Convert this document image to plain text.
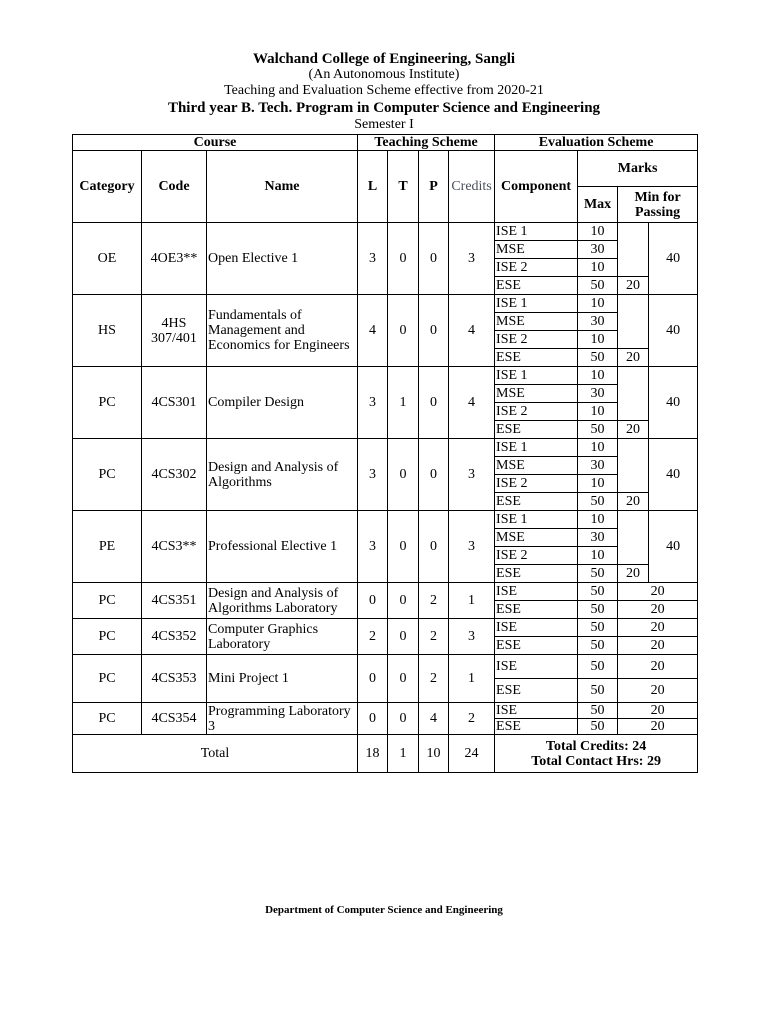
Walchand College of Engineering, Sangli
(An Autonomous Institute)
Teaching and Evaluation Scheme effective from 2020-21
Third year B. Tech. Program in Computer Science and Engineering
Semester I
Course			Teaching Scheme				Evaluation Scheme			
Category	Code	Name	L	T	P	Credits	Component	Marks		
								Max	Min for Passing	
OE	4OE3**	Open Elective 1	3	0	0	3	ISE 1	10		40
							MSE	30		
							ISE 2	10		
							ESE	50	20	
HS	4HS 307/401	Fundamentals of Management and Economics for Engineers	4	0	0	4	ISE 1	10		40
							MSE	30		
							ISE 2	10		
							ESE	50	20	
PC	4CS301	Compiler Design	3	1	0	4	ISE 1	10		40
							MSE	30		
							ISE 2	10		
							ESE	50	20	
PC	4CS302	Design and Analysis of Algorithms	3	0	0	3	ISE 1	10		40
							MSE	30		
							ISE 2	10		
							ESE	50	20	
PE	4CS3**	Professional Elective 1	3	0	0	3	ISE 1	10		40
							MSE	30		
							ISE 2	10		
							ESE	50	20	
PC	4CS351	Design and Analysis of Algorithms Laboratory	0	0	2	1	ISE	50	20	
							ESE	50	20	
PC	4CS352	Computer Graphics Laboratory	2	0	2	3	ISE	50	20	
							ESE	50	20	
PC	4CS353	Mini Project 1	0	0	2	1	ISE	50	20	
							ESE	50	20	
PC	4CS354	Programming Laboratory 3	0	0	4	2	ISE	50	20	
							ESE	50	20	
Total			18	1	10	24	Total Credits: 24
Total Contact Hrs: 29			
Department of Computer Science and Engineering
